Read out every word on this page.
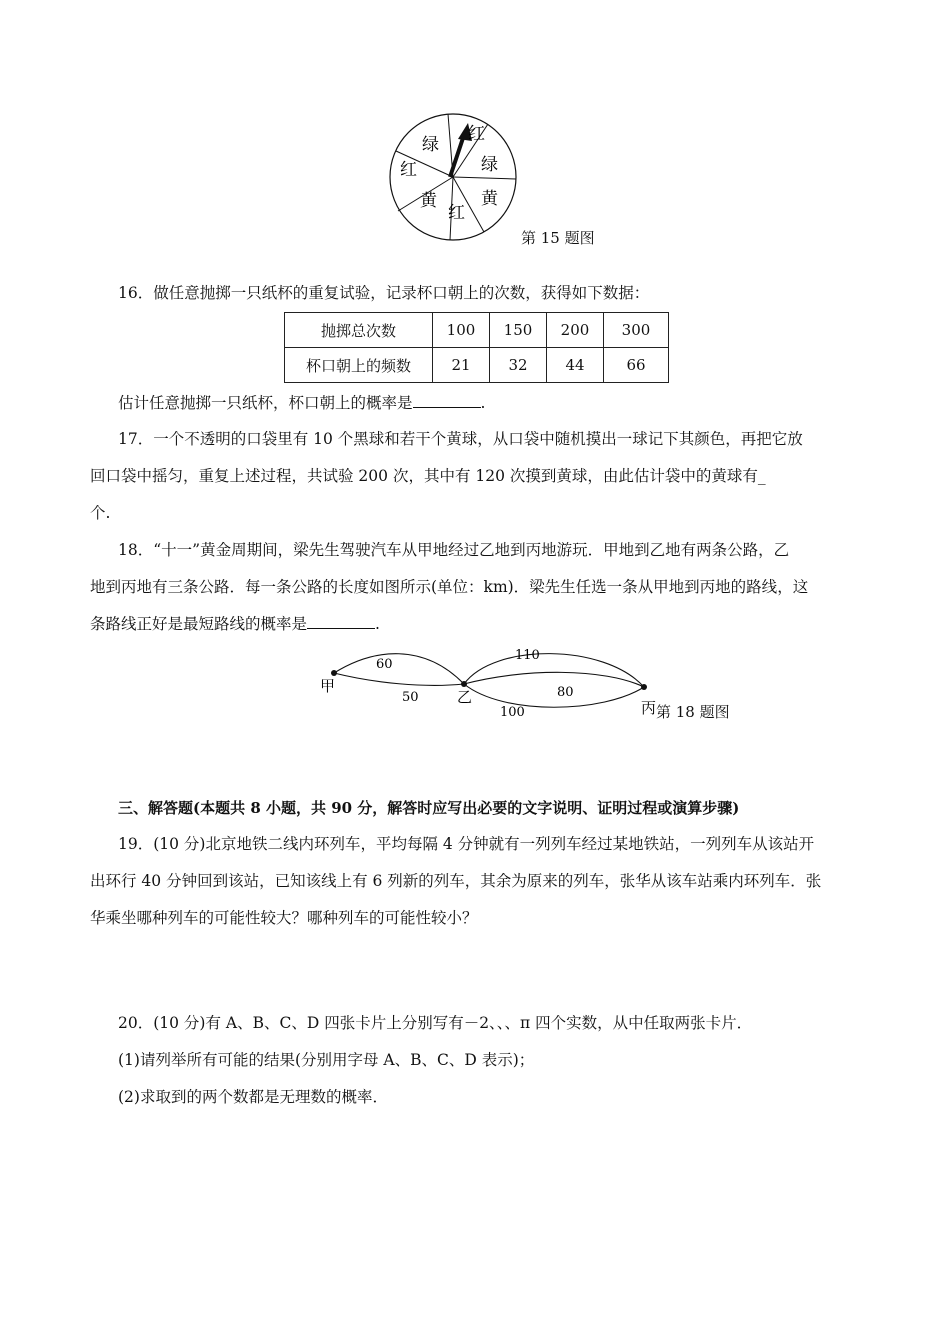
红
绿
黄
红
黄
红
绿
第 15 题图
16．做任意抛掷一只纸杯的重复试验，记录杯口朝上的次数，获得如下数据：
抛掷总次数	100	150	200	300
杯口朝上的频数	21	32	44	66
估计任意抛掷一只纸杯，杯口朝上的概率是	.
17．一个不透明的口袋里有 10 个黑球和若干个黄球，从口袋中随机摸出一球记下其颜色，再把它放
回口袋中摇匀，重复上述过程，共试验 200 次，其中有 120 次摸到黄球，由此估计袋中的黄球有_
个.
18．“十一”黄金周期间，梁先生驾驶汽车从甲地经过乙地到丙地游玩．甲地到乙地有两条公路，乙
地到丙地有三条公路．每一条公路的长度如图所示(单位：km)．梁先生任选一条从甲地到丙地的路线，这
条路线正好是最短路线的概率是	.
甲
乙
丙
60
50
110
80
100	第 18 题图
三、解答题(本题共 8 小题，共 90 分，解答时应写出必要的文字说明、证明过程或演算步骤)
19．(10 分)北京地铁二线内环列车，平均每隔 4 分钟就有一列列车经过某地铁站，一列列车从该站开
出环行 40 分钟回到该站，已知该线上有 6 列新的列车，其余为原来的列车，张华从该车站乘内环列车．张
华乘坐哪种列车的可能性较大？哪种列车的可能性较小？
20．(10 分)有 A、B、C、D 四张卡片上分别写有－2、、、π 四个实数，从中任取两张卡片．
(1)请列举所有可能的结果(分别用字母 A、B、C、D 表示)；
(2)求取到的两个数都是无理数的概率．
